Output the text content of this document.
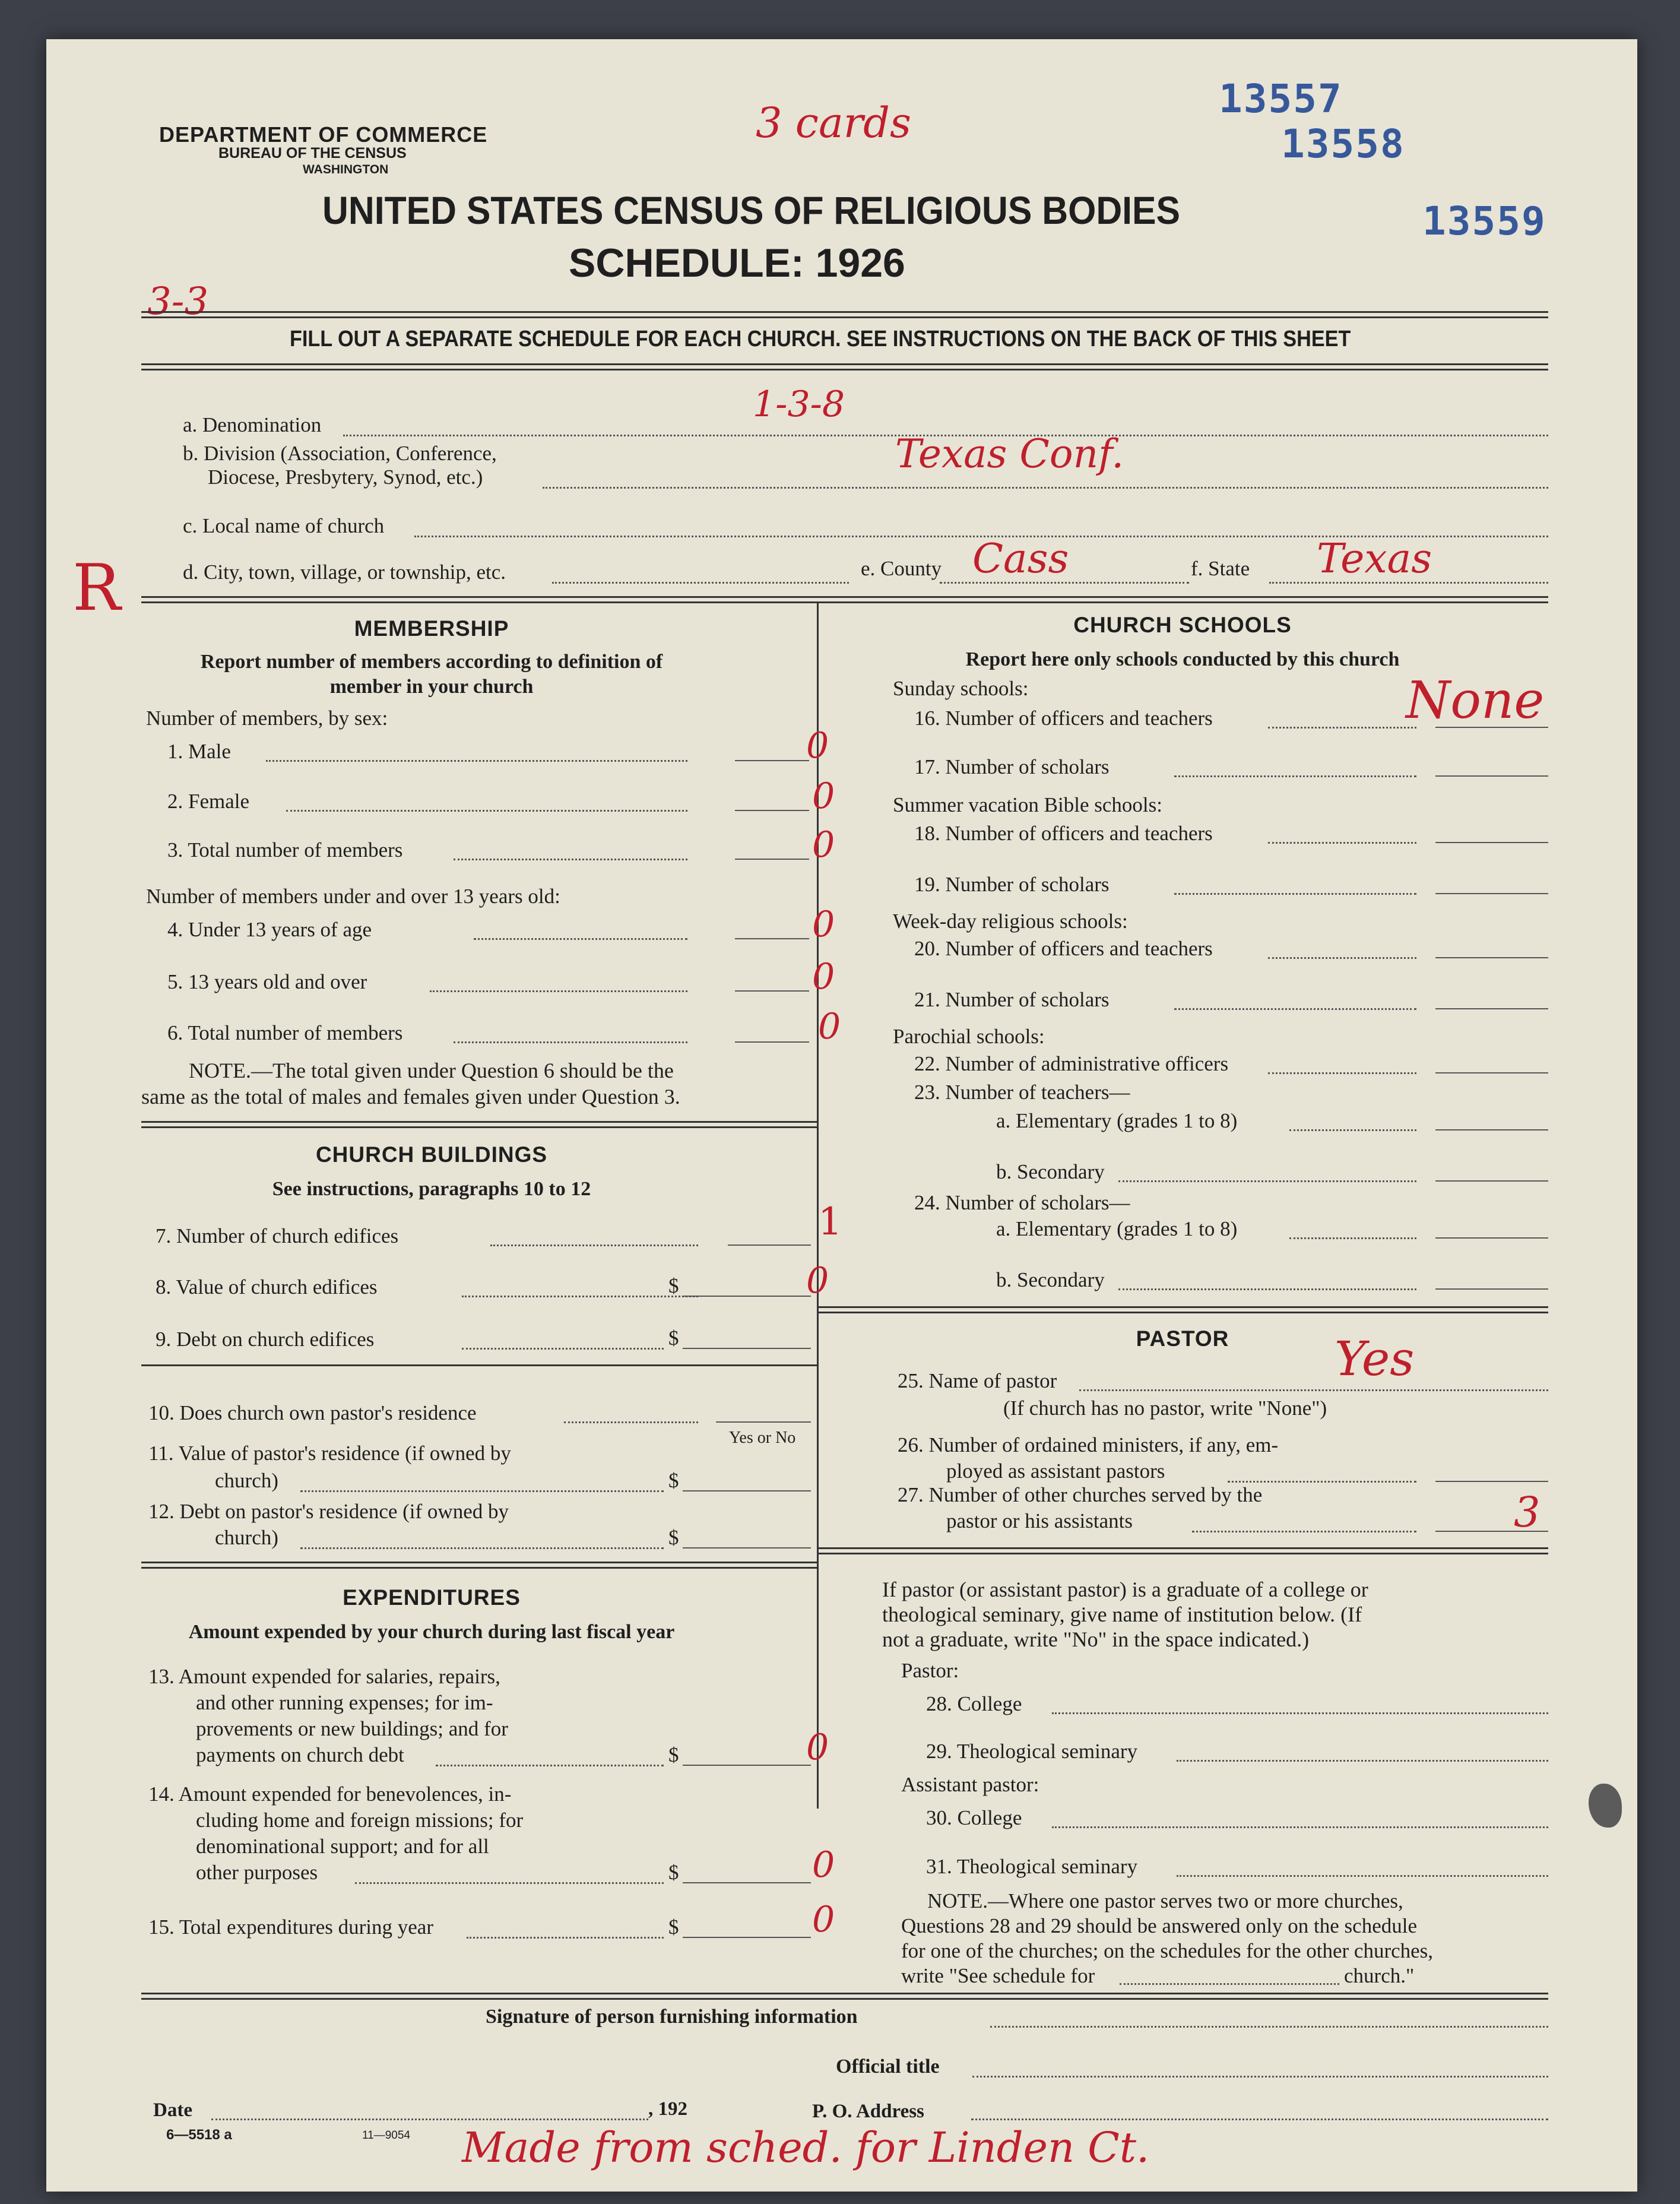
DEPARTMENT OF COMMERCE
BUREAU OF THE CENSUS
WASHINGTON
3 cards	13557
13558
13559
UNITED STATES CENSUS OF RELIGIOUS BODIES
SCHEDULE: 1926
3-3
FILL OUT A SEPARATE SCHEDULE FOR EACH CHURCH. SEE INSTRUCTIONS ON THE BACK OF THIS SHEET
a. Denomination	1-3-8
b. Division (Association, Conference,
Diocese, Presbytery, Synod, etc.)
Texas Conf.
c. Local name of church
R	d. City, town, village, or township, etc.	e. County Cass	f. State Texas
MEMBERSHIP
Report number of members according to definition of
member in your church
Number of members, by sex:
1. Male	0
2. Female	0
3. Total number of members	0
Number of members under and over 13 years old:
4. Under 13 years of age	0
5. 13 years old and over	0
6. Total number of members	0
NOTE.—The total given under Question 6 should be the
same as the total of males and females given under Question 3.
CHURCH BUILDINGS
See instructions, paragraphs 10 to 12
7. Number of church edifices	1
8. Value of church edifices	$	0
9. Debt on church edifices	$
10. Does church own pastor's residence
Yes or No
11. Value of pastor's residence (if owned by
church)	$
12. Debt on pastor's residence (if owned by
church)	$
EXPENDITURES
Amount expended by your church during last fiscal year
13. Amount expended for salaries, repairs,
and other running expenses; for im-
provements or new buildings; and for
payments on church debt	$	0
14. Amount expended for benevolences, in-
cluding home and foreign missions; for
denominational support; and for all
other purposes	$	0
15. Total expenditures during year	$	0
CHURCH SCHOOLS
Report here only schools conducted by this church
Sunday schools:
16. Number of officers and teachers	None
17. Number of scholars
Summer vacation Bible schools:
18. Number of officers and teachers
19. Number of scholars
Week-day religious schools:
20. Number of officers and teachers
21. Number of scholars
Parochial schools:
22. Number of administrative officers
23. Number of teachers—
a. Elementary (grades 1 to 8)
b. Secondary
24. Number of scholars—
a. Elementary (grades 1 to 8)
b. Secondary
PASTOR
25. Name of pastor	Yes
(If church has no pastor, write "None")
26. Number of ordained ministers, if any, em-
ployed as assistant pastors
27. Number of other churches served by the
pastor or his assistants	3
If pastor (or assistant pastor) is a graduate of a college or
theological seminary, give name of institution below. (If
not a graduate, write "No" in the space indicated.)
Pastor:
28. College
29. Theological seminary
Assistant pastor:
30. College
31. Theological seminary
NOTE.—Where one pastor serves two or more churches,
Questions 28 and 29 should be answered only on the schedule
for one of the churches; on the schedules for the other churches,
write "See schedule for	church."
Signature of person furnishing information
Official title
Date	, 192	P. O. Address
6—5518 a	11—9054 Made from sched. for Linden Ct.
